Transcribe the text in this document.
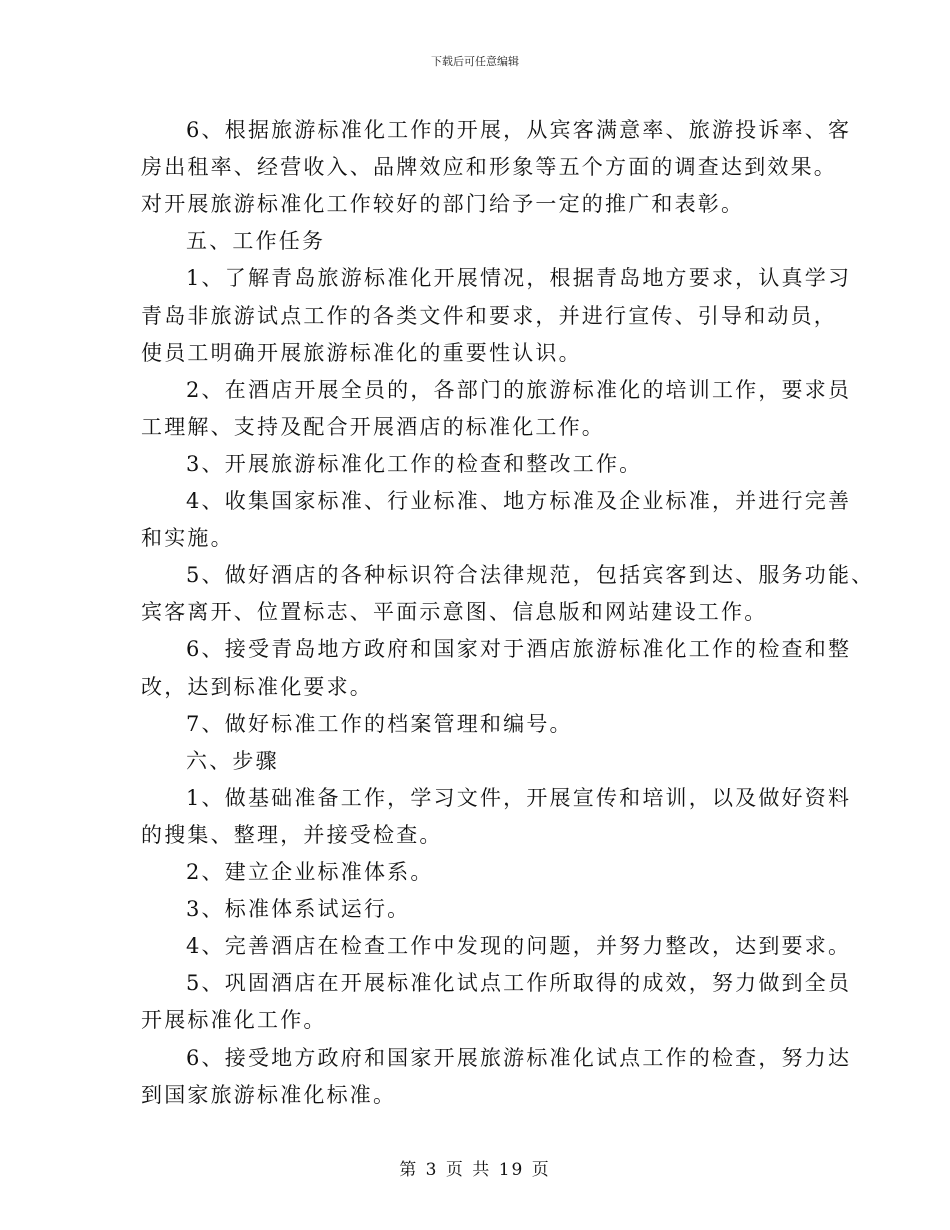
下载后可任意编辑
6、根据旅游标准化工作的开展，从宾客满意率、旅游投诉率、客
房出租率、经营收入、品牌效应和形象等五个方面的调查达到效果。
对开展旅游标准化工作较好的部门给予一定的推广和表彰。
五、工作任务
1、了解青岛旅游标准化开展情况，根据青岛地方要求，认真学习
青岛非旅游试点工作的各类文件和要求，并进行宣传、引导和动员，
使员工明确开展旅游标准化的重要性认识。
2、在酒店开展全员的，各部门的旅游标准化的培训工作，要求员
工理解、支持及配合开展酒店的标准化工作。
3、开展旅游标准化工作的检查和整改工作。
4、收集国家标准、行业标准、地方标准及企业标准，并进行完善
和实施。
5、做好酒店的各种标识符合法律规范，包括宾客到达、服务功能、
宾客离开、位置标志、平面示意图、信息版和网站建设工作。
6、接受青岛地方政府和国家对于酒店旅游标准化工作的检查和整
改，达到标准化要求。
7、做好标准工作的档案管理和编号。
六、步骤
1、做基础准备工作，学习文件，开展宣传和培训，以及做好资料
的搜集、整理，并接受检查。
2、建立企业标准体系。
3、标准体系试运行。
4、完善酒店在检查工作中发现的问题，并努力整改，达到要求。
5、巩固酒店在开展标准化试点工作所取得的成效，努力做到全员
开展标准化工作。
6、接受地方政府和国家开展旅游标准化试点工作的检查，努力达
到国家旅游标准化标准。
第 3 页 共 19 页
